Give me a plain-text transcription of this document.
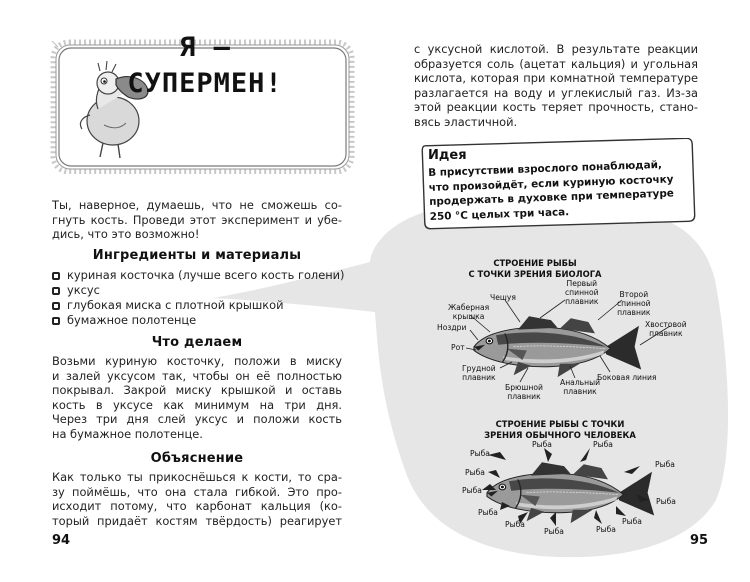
Я —
СУПЕРМЕН!
Ты, наверное, думаешь, что не сможешь со-
гнуть кость. Проведи этот эксперимент и убе-
дись, что это возможно!
Ингредиенты и материалы
куриная косточка (лучше всего кость голени)
уксус
глубокая миска с плотной крышкой
бумажное полотенце
Что делаем
Возьми куриную косточку, положи в миску
и залей уксусом так, чтобы он её полностью
покрывал. Закрой миску крышкой и оставь
кость в уксусе как минимум на три дня.
Через три дня слей уксус и положи кость
на бумажное полотенце.
Объяснение
Как только ты прикоснёшься к кости, то сра-
зу поймёшь, что она стала гибкой. Это про-
исходит потому, что карбонат кальция (ко-
торый придаёт костям твёрдость) реагирует
94
с уксусной кислотой. В результате реакции
образуется соль (ацетат кальция) и угольная
кислота, которая при комнатной температуре
разлагается на воду и углекислый газ. Из-за
этой реакции кость теряет прочность, стано-
вясь эластичной.
Идея
В присутствии взрослого понаблюдай,
что произойдёт, если куриную косточку
продержать в духовке при температуре
250 °С целых три часа.
СТРОЕНИЕ РЫБЫ
С ТОЧКИ ЗРЕНИЯ БИОЛОГА
Чешуя
Жаберная
крышка
Ноздри
Рот
Первый
спинной
плавник
Второй
спинной
плавник
Хвостовой
плавник
Грудной
плавник
Брюшной
плавник
Анальный
плавник
Боковая линия
СТРОЕНИЕ РЫБЫ С ТОЧКИ
ЗРЕНИЯ ОБЫЧНОГО ЧЕЛОВЕКА
Рыба
Рыба
Рыба
Рыба
Рыба
Рыба	Рыба
Рыба
Рыба
Рыба
Рыба
Рыба
95
